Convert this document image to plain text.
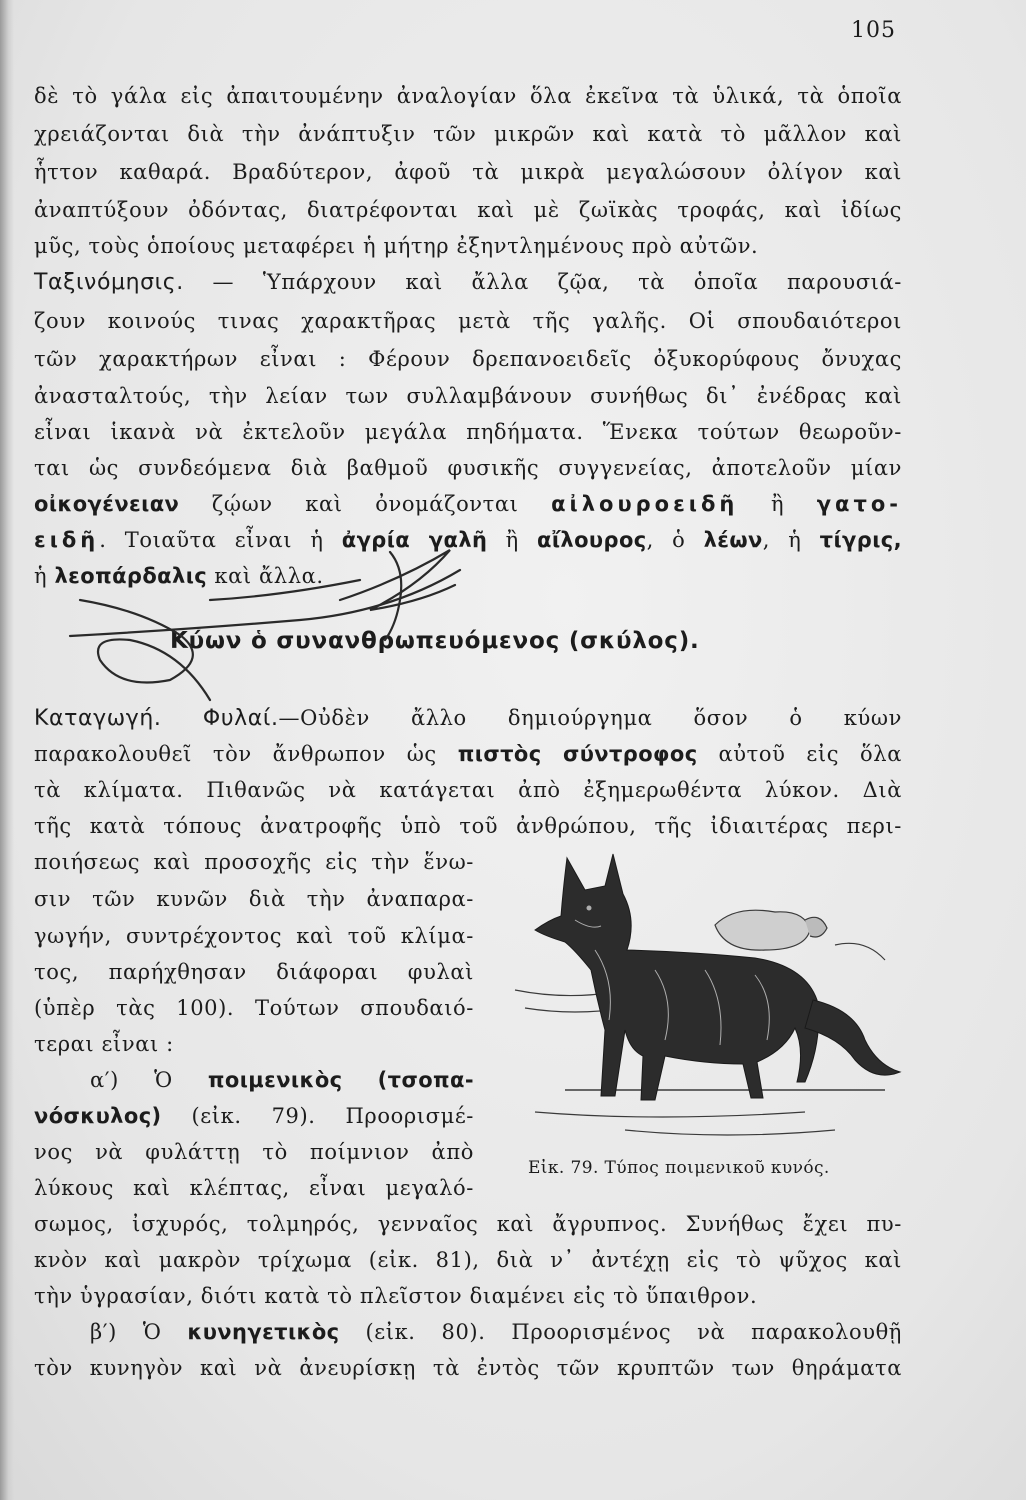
105
δὲ τὸ γάλα εἰς ἀπαιτουμένην ἀναλογίαν ὅλα ἐκεῖνα τὰ ὑλικά, τὰ ὁποῖα
χρειάζονται διὰ τὴν ἀνάπτυξιν τῶν μικρῶν καὶ κατὰ τὸ μᾶλλον καὶ
ἧττον καθαρά. Βραδύτερον, ἀφοῦ τὰ μικρὰ μεγαλώσουν ὀλίγον καὶ
ἀναπτύξουν ὀδόντας, διατρέφονται καὶ μὲ ζωϊκὰς τροφάς, καὶ ἰδίως
μῦς, τοὺς ὁποίους μεταφέρει ἡ μήτηρ ἐξηντλημένους πρὸ αὐτῶν.
Ταξινόμησις. — Ὑπάρχουν καὶ ἄλλα ζῷα, τὰ ὁποῖα παρουσιά-
ζουν κοινούς τινας χαρακτῆρας μετὰ τῆς γαλῆς. Οἱ σπουδαιότεροι
τῶν χαρακτήρων εἶναι : Φέρουν δρεπανοειδεῖς ὀξυκορύφους ὄνυχας
ἀνασταλτούς, τὴν λείαν των συλλαμβάνουν συνήθως δι᾽ ἐνέδρας καὶ
εἶναι ἱκανὰ νὰ ἐκτελοῦν μεγάλα πηδήματα. Ἕνεκα τούτων θεωροῦν-
ται ὡς συνδεόμενα διὰ βαθμοῦ φυσικῆς συγγενείας, ἀποτελοῦν μίαν
οἰκογένειαν ζῴων καὶ ὀνομάζονται αἰλουροειδῆ ἢ γατο-
ειδῆ. Τοιαῦτα εἶναι ἡ ἀγρία γαλῆ ἢ αἴλουρος, ὁ λέων, ἡ τίγρις,
ἡ λεοπάρδαλις καὶ ἄλλα.
Κύων ὁ συνανθρωπευόμενος (σκύλος).
Καταγωγή. Φυλαί.—Οὐδὲν ἄλλο δημιούργημα ὅσον ὁ κύων
παρακολουθεῖ τὸν ἄνθρωπον ὡς πιστὸς σύντροφος αὐτοῦ εἰς ὅλα
τὰ κλίματα. Πιθανῶς νὰ κατάγεται ἀπὸ ἐξημερωθέντα λύκον. Διὰ
τῆς κατὰ τόπους ἀνατροφῆς ὑπὸ τοῦ ἀνθρώπου, τῆς ἰδιαιτέρας περι-
ποιήσεως καὶ προσοχῆς εἰς τὴν ἕνω-
σιν τῶν κυνῶν διὰ τὴν ἀναπαρα-
γωγήν, συντρέχοντος καὶ τοῦ κλίμα-
τος, παρήχθησαν διάφοραι φυλαὶ
(ὑπὲρ τὰς 100). Τούτων σπουδαιό-
τεραι εἶναι :
α′) Ὁ ποιμενικὸς (τσοπα-
νόσκυλος) (εἰκ. 79). Προορισμέ-
νος νὰ φυλάττῃ τὸ ποίμνιον ἀπὸ
λύκους καὶ κλέπτας, εἶναι μεγαλό-
σωμος, ἰσχυρός, τολμηρός, γενναῖος καὶ ἄγρυπνος. Συνήθως ἔχει πυ-
κνὸν καὶ μακρὸν τρίχωμα (εἰκ. 81), διὰ ν᾽ ἀντέχῃ εἰς τὸ ψῦχος καὶ
τὴν ὑγρασίαν, διότι κατὰ τὸ πλεῖστον διαμένει εἰς τὸ ὕπαιθρον.
β′) Ὁ κυνηγετικὸς (εἰκ. 80). Προορισμένος νὰ παρακολουθῇ
τὸν κυνηγὸν καὶ νὰ ἀνευρίσκῃ τὰ ἐντὸς τῶν κρυπτῶν των θηράματα
Εἰκ. 79. Τύπος ποιμενικοῦ κυνός.
